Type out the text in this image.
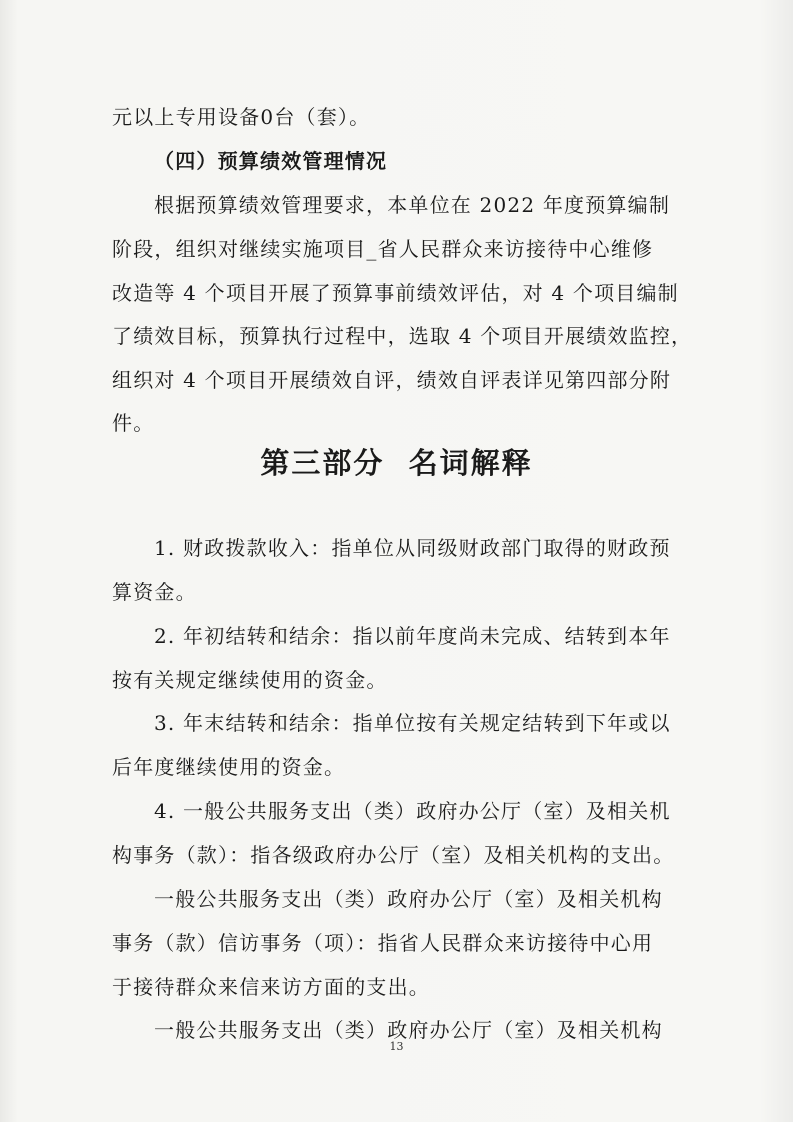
元以上专用设备0台（套）。
（四）预算绩效管理情况
根据预算绩效管理要求，本单位在 2022 年度预算编制
阶段，组织对继续实施项目_省人民群众来访接待中心维修
改造等 4 个项目开展了预算事前绩效评估，对 4 个项目编制
了绩效目标，预算执行过程中，选取 4 个项目开展绩效监控，
组织对 4 个项目开展绩效自评，绩效自评表详见第四部分附
件。
第三部分  名词解释
1. 财政拨款收入：指单位从同级财政部门取得的财政预
算资金。
2. 年初结转和结余：指以前年度尚未完成、结转到本年
按有关规定继续使用的资金。
3. 年末结转和结余：指单位按有关规定结转到下年或以
后年度继续使用的资金。
4. 一般公共服务支出（类）政府办公厅（室）及相关机
构事务（款）：指各级政府办公厅（室）及相关机构的支出。
一般公共服务支出（类）政府办公厅（室）及相关机构
事务（款）信访事务（项）：指省人民群众来访接待中心用
于接待群众来信来访方面的支出。
一般公共服务支出（类）政府办公厅（室）及相关机构
13
